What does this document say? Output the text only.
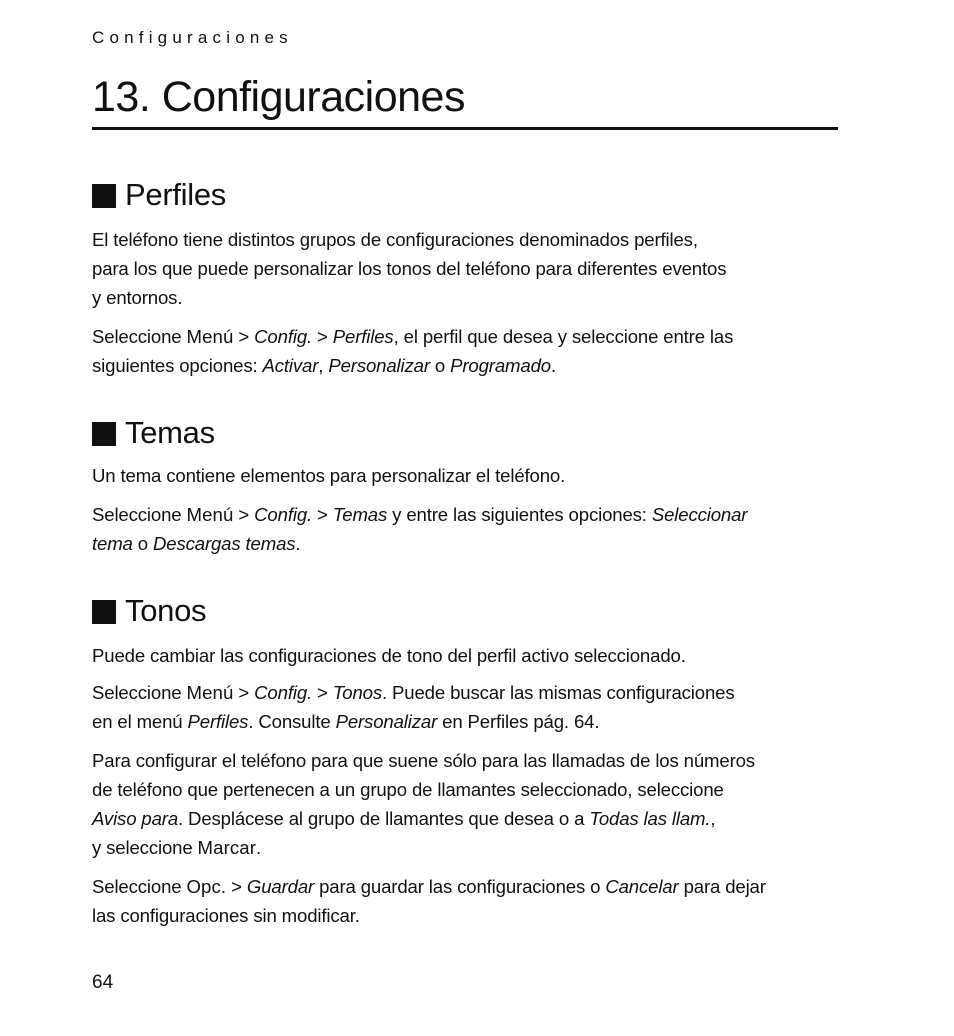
Configuraciones
13. Configuraciones
Perfiles

El teléfono tiene distintos grupos de configuraciones denominados perfiles,
para los que puede personalizar los tonos del teléfono para diferentes eventos
y entornos.

Seleccione Menú > Config. > Perfiles, el perfil que desea y seleccione entre las
siguientes opciones: Activar, Personalizar o Programado.

Temas

Un tema contiene elementos para personalizar el teléfono.

Seleccione Menú > Config. > Temas y entre las siguientes opciones: Seleccionar
tema o Descargas temas.

Tonos

Puede cambiar las configuraciones de tono del perfil activo seleccionado.

Seleccione Menú > Config. > Tonos. Puede buscar las mismas configuraciones
en el menú Perfiles. Consulte Personalizar en Perfiles pág. 64.

Para configurar el teléfono para que suene sólo para las llamadas de los números
de teléfono que pertenecen a un grupo de llamantes seleccionado, seleccione
Aviso para. Desplácese al grupo de llamantes que desea o a Todas las llam.,
y seleccione Marcar.

Seleccione Opc. > Guardar para guardar las configuraciones o Cancelar para dejar
las configuraciones sin modificar.

64
